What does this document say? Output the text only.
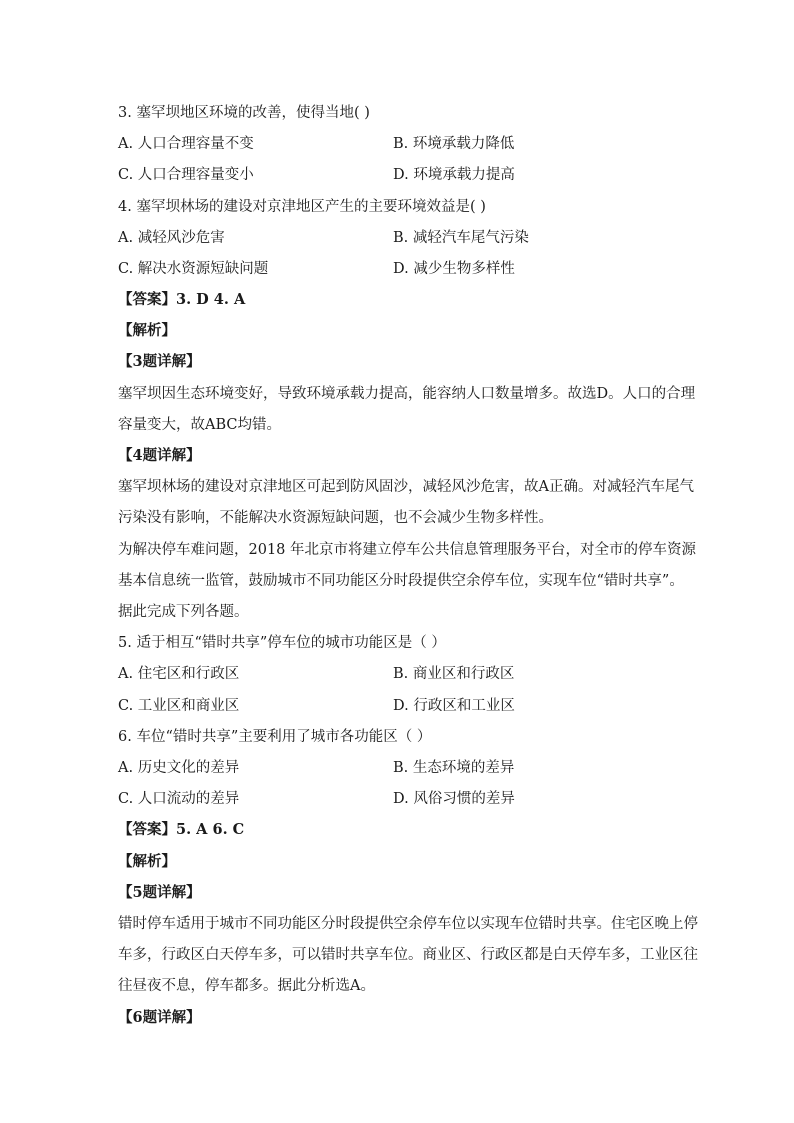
3. 塞罕坝地区环境的改善，使得当地( )
A. 人口合理容量不变	B. 环境承载力降低
C. 人口合理容量变小	D. 环境承载力提高
4. 塞罕坝林场的建设对京津地区产生的主要环境效益是( )
A. 减轻风沙危害	B. 减轻汽车尾气污染
C. 解决水资源短缺问题	D. 减少生物多样性
【答案】3. D 4. A
【解析】
【3题详解】
塞罕坝因生态环境变好，导致环境承载力提高，能容纳人口数量增多。故选D。人口的合理
容量变大，故ABC均错。
【4题详解】
塞罕坝林场的建设对京津地区可起到防风固沙，减轻风沙危害，故A正确。对减轻汽车尾气
污染没有影响，不能解决水资源短缺问题，也不会减少生物多样性。
为解决停车难问题，2018 年北京市将建立停车公共信息管理服务平台，对全市的停车资源
基本信息统一监管，鼓励城市不同功能区分时段提供空余停车位，实现车位“错时共享”。
据此完成下列各题。
5. 适于相互“错时共享”停车位的城市功能区是（ ）
A. 住宅区和行政区	B. 商业区和行政区
C. 工业区和商业区	D. 行政区和工业区
6. 车位“错时共享”主要利用了城市各功能区（ ）
A. 历史文化的差异	B. 生态环境的差异
C. 人口流动的差异	D. 风俗习惯的差异
【答案】5. A 6. C
【解析】
【5题详解】
错时停车适用于城市不同功能区分时段提供空余停车位以实现车位错时共享。住宅区晚上停
车多，行政区白天停车多，可以错时共享车位。商业区、行政区都是白天停车多，工业区往
往昼夜不息，停车都多。据此分析选A。
【6题详解】
